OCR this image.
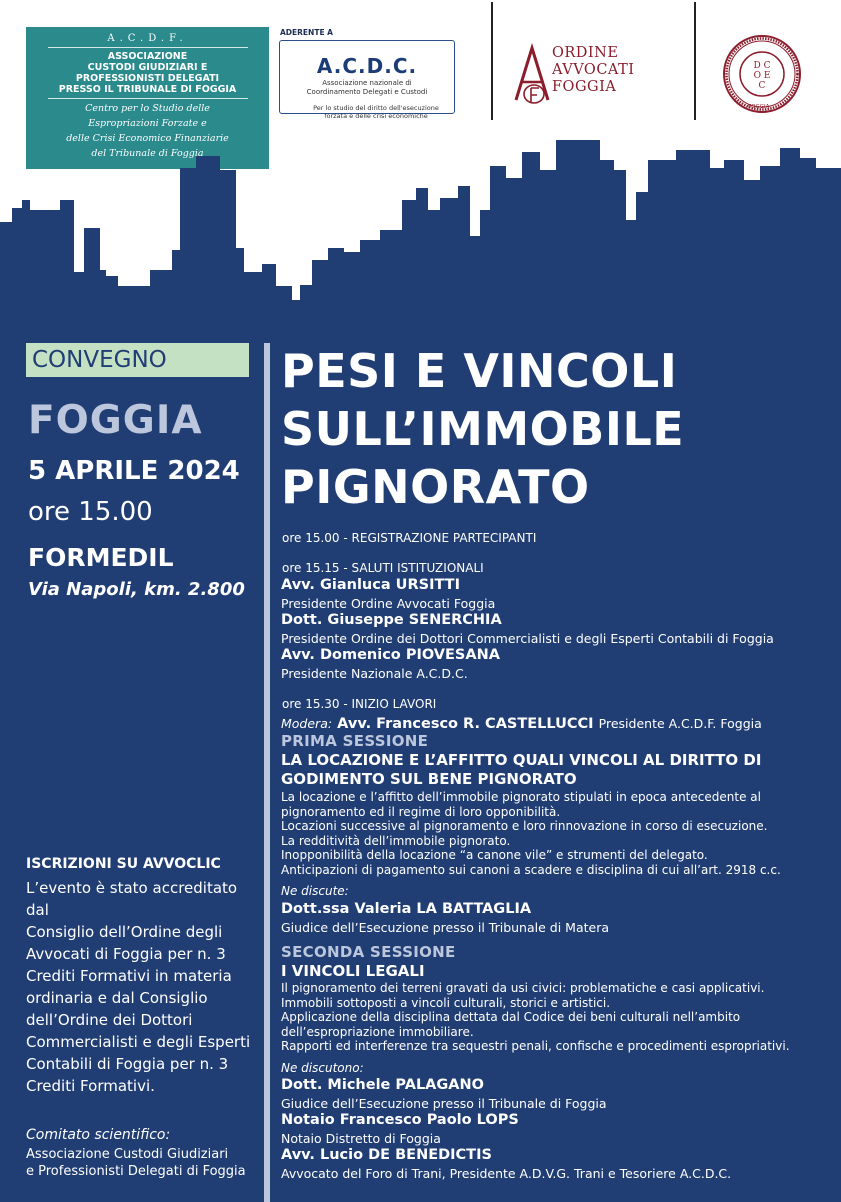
A.C.D.F.
ASSOCIAZIONE
CUSTODI GIUDIZIARI E
PROFESSIONISTI DELEGATI
PRESSO IL TRIBUNALE DI FOGGIA
Centro per lo Studio delle
Espropriazioni Forzate e
delle Crisi Economico Finanziarie
del Tribunale di Foggia
ADERENTE A
A.C.D.C.
Associazione nazionale di
Coordinamento Delegati e Custodi
Per lo studio del diritto dell'esecuzione
forzata e delle crisi economiche
ORDINE
AVVOCATI
FOGGIA
D C
O E
C
FOGGIA
CONVEGNO
FOGGIA
5 APRILE 2024
ore 15.00
FORMEDIL
Via Napoli, km. 2.800
ISCRIZIONI SU AVVOCLIC
L’evento è stato accreditato dal
Consiglio dell’Ordine degli
Avvocati di Foggia per n. 3
Crediti Formativi in materia
ordinaria e dal Consiglio
dell’Ordine dei Dottori
Commercialisti e degli Esperti
Contabili di Foggia per n. 3
Crediti Formativi.
Comitato scientifico:
Associazione Custodi Giudiziari
e Professionisti Delegati di Foggia
PESI E VINCOLI
SULL’IMMOBILE
PIGNORATO
ore 15.00 - REGISTRAZIONE PARTECIPANTI
ore 15.15 - SALUTI ISTITUZIONALI
Avv. Gianluca URSITTI
Presidente Ordine Avvocati Foggia
Dott. Giuseppe SENERCHIA
Presidente Ordine dei Dottori Commercialisti e degli Esperti Contabili di Foggia
Avv. Domenico PIOVESANA
Presidente Nazionale A.C.D.C.
ore 15.30 - INIZIO LAVORI
Modera: Avv. Francesco R. CASTELLUCCI Presidente A.C.D.F. Foggia
PRIMA SESSIONE
LA LOCAZIONE E L’AFFITTO QUALI VINCOLI AL DIRITTO DI
GODIMENTO SUL BENE PIGNORATO
La locazione e l’affitto dell’immobile pignorato stipulati in epoca antecedente al
pignoramento ed il regime di loro opponibilità.
Locazioni successive al pignoramento e loro rinnovazione in corso di esecuzione.
La redditività dell’immobile pignorato.
Inopponibilità della locazione “a canone vile” e strumenti del delegato.
Anticipazioni di pagamento sui canoni a scadere e disciplina di cui all’art. 2918 c.c.
Ne discute:
Dott.ssa Valeria LA BATTAGLIA
Giudice dell’Esecuzione presso il Tribunale di Matera
SECONDA SESSIONE
I VINCOLI LEGALI
Il pignoramento dei terreni gravati da usi civici: problematiche e casi applicativi.
Immobili sottoposti a vincoli culturali, storici e artistici.
Applicazione della disciplina dettata dal Codice dei beni culturali nell’ambito
dell’espropriazione immobiliare.
Rapporti ed interferenze tra sequestri penali, confische e procedimenti espropriativi.
Ne discutono:
Dott. Michele PALAGANO
Giudice dell’Esecuzione presso il Tribunale di Foggia
Notaio Francesco Paolo LOPS
Notaio Distretto di Foggia
Avv. Lucio DE BENEDICTIS
Avvocato del Foro di Trani, Presidente A.D.V.G. Trani e Tesoriere A.C.D.C.
